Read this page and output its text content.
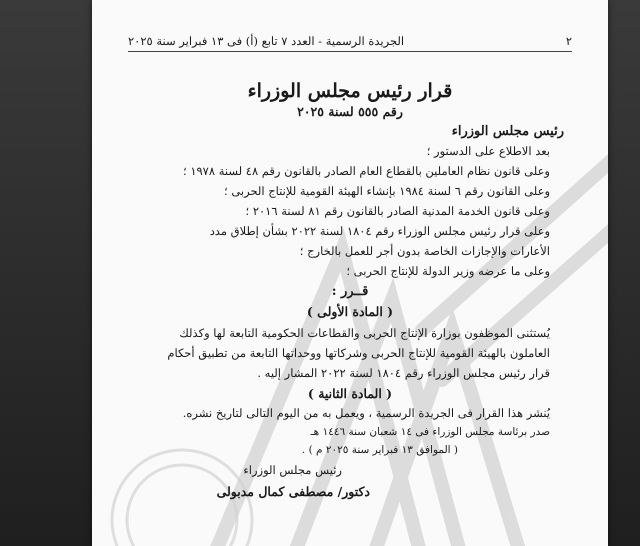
٢
الجريدة الرسمية - العدد ٧ تابع (أ) فى ١٣ فبراير سنة ٢٠٢٥
قرار رئيس مجلس الوزراء
رقم ٥٥٥ لسنة ٢٠٢٥
رئيس مجلس الوزراء
بعد الاطلاع على الدستور ؛
وعلى قانون نظام العاملين بالقطاع العام الصادر بالقانون رقم ٤٨ لسنة ١٩٧٨ ؛
وعلى القانون رقم ٦ لسنة ١٩٨٤ بإنشاء الهيئة القومية للإنتاج الحربى ؛
وعلى قانون الخدمة المدنية الصادر بالقانون رقم ٨١ لسنة ٢٠١٦ ؛
وعلى قرار رئيس مجلس الوزراء رقم ١٨٠٤ لسنة ٢٠٢٢ بشأن إطلاق مدد
الأعارات والإجازات الخاصة بدون أجر للعمل بالخارج ؛
وعلى ما عرضه وزير الدولة للإنتاج الحربى ؛
قــرر :
( المادة الأولى )
يُستثنى الموظفون بوزارة الإنتاج الحربى والقطاعات الحكومية التابعة لها وكذلك
العاملون بالهيئة القومية للإنتاج الحربى وشركاتها ووحداتها التابعة من تطبيق أحكام
قرار رئيس مجلس الوزراء رقم ١٨٠٤ لسنة ٢٠٢٢ المشار إليه .
( المادة الثانية )
يُنشر هذا القرار فى الجريدة الرسمية ، ويعمل به من اليوم التالى لتاريخ نشره.
صدر برئاسة مجلس الوزراء فى ١٤ شعبان سنة ١٤٤٦ هـ
( الموافق ١٣ فبراير سنة ٢٠٢٥ م ) .
رئيس مجلس الوزراء
دكتور/ مصطفى كمال مدبولى
